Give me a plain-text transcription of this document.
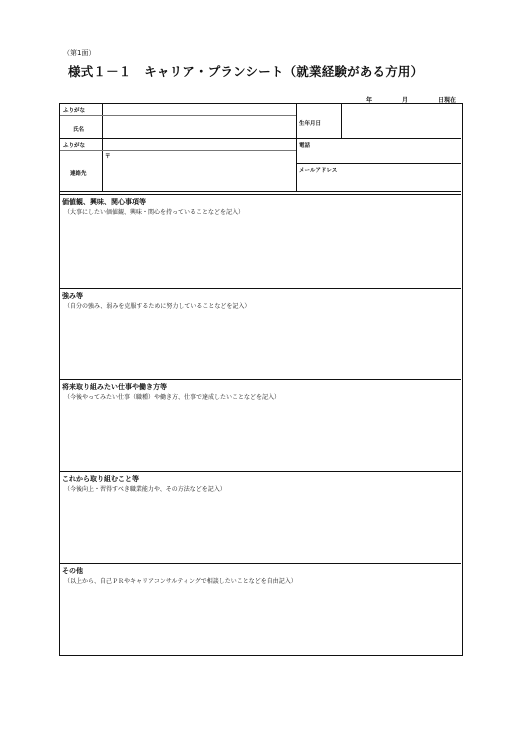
（第1面）
様式１－１　キャリア・プランシート（就業経験がある方用）
年	月	日現在
ふりがな
氏名
生年月日
ふりがな
〒
連絡先
電話
メールアドレス
価値観、興味、関心事項等
（大事にしたい価値観、興味・関心を持っていることなどを記入）
強み等
（自分の強み、弱みを克服するために努力していることなどを記入）
将来取り組みたい仕事や働き方等
（今後やってみたい仕事（職種）や働き方、仕事で達成したいことなどを記入）
これから取り組むこと等
（今後向上・習得すべき職業能力や、その方法などを記入）
その他
（以上から、自己ＰＲやキャリアコンサルティングで相談したいことなどを自由記入）
